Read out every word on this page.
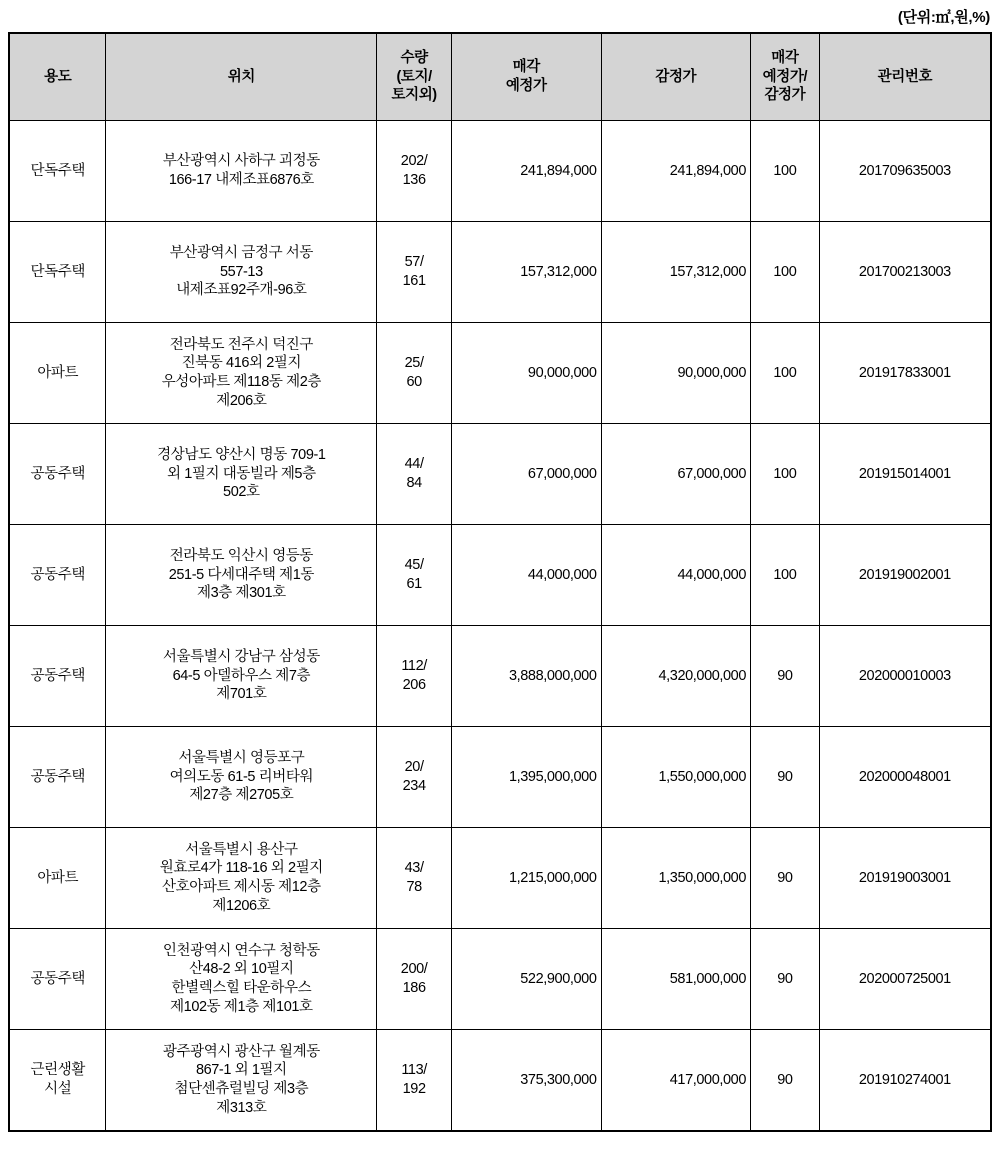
(단위:㎡,원,%)
용도	위치	수량
(토지/
토지외)	매각
예정가	감정가	매각
예정가/
감정가	관리번호

단독주택	부산광역시 사하구 괴정동
166-17 내제조표6876호	202/
136	241,894,000	241,894,000	100	201709635003

단독주택	부산광역시 금정구 서동
557-13
내제조표92주개-96호	57/
161	157,312,000	157,312,000	100	201700213003

아파트	전라북도 전주시 덕진구
진북동 416외 2필지
우성아파트 제118동 제2층
제206호	25/
60	90,000,000	90,000,000	100	201917833001

공동주택	경상남도 양산시 명동 709-1
외 1필지 대동빌라 제5층
502호	44/
84	67,000,000	67,000,000	100	201915014001

공동주택	전라북도 익산시 영등동
251-5 다세대주택 제1동
제3층 제301호	45/
61	44,000,000	44,000,000	100	201919002001

공동주택	서울특별시 강남구 삼성동
64-5 아델하우스 제7층
제701호	112/
206	3,888,000,000	4,320,000,000	90	202000010003

공동주택	서울특별시 영등포구
여의도동 61-5 리버타워
제27층 제2705호	20/
234	1,395,000,000	1,550,000,000	90	202000048001

아파트	서울특별시 용산구
원효로4가 118-16 외 2필지
산호아파트 제시동 제12층
제1206호	43/
78	1,215,000,000	1,350,000,000	90	201919003001

공동주택	인천광역시 연수구 청학동
산48-2 외 10필지
한별렉스힐 타운하우스
제102동 제1층 제101호	200/
186	522,900,000	581,000,000	90	202000725001

근린생활
시설	광주광역시 광산구 월계동
867-1 외 1필지
첨단센츄럴빌딩 제3층
제313호	113/
192	375,300,000	417,000,000	90	201910274001
